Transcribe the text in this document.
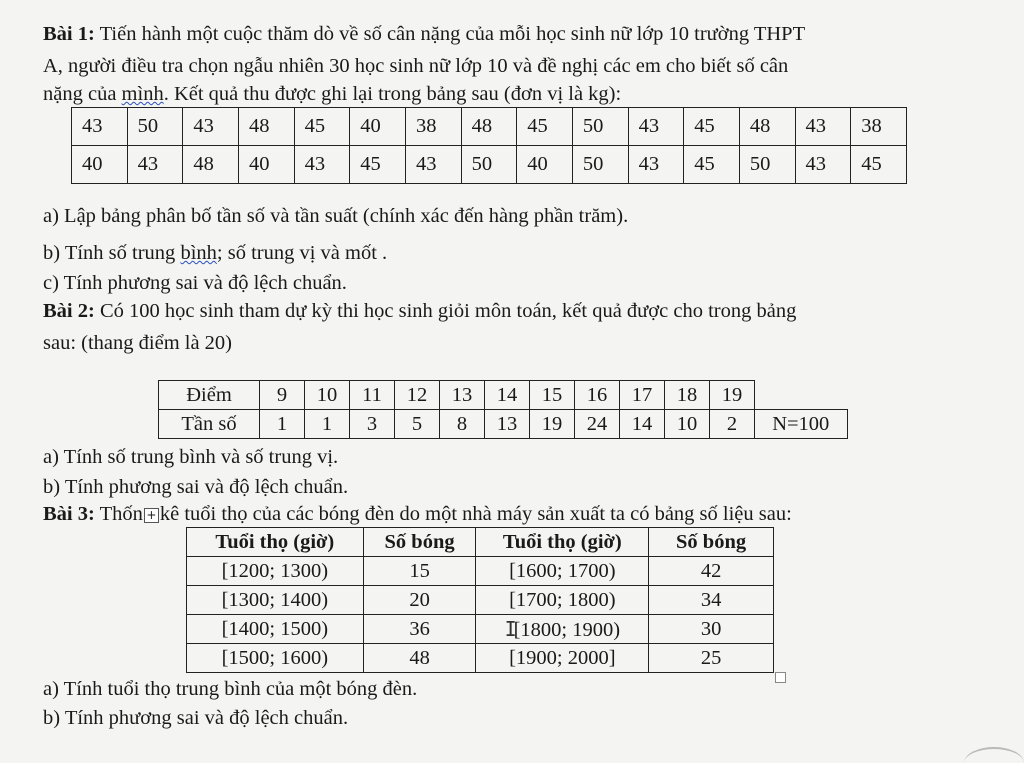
Bài 1: Tiến hành một cuộc thăm dò về số cân nặng của mỗi học sinh nữ lớp 10 trường THPT
A, người điều tra chọn ngẫu nhiên 30 học sinh nữ lớp 10 và đề nghị các em cho biết số cân
nặng của mình. Kết quả thu được ghi lại trong bảng sau (đơn vị là kg):
43	50	43	48	45	40	38	48	45	50	43	45	48	43	38
40	43	48	40	43	45	43	50	40	50	43	45	50	43	45
a) Lập bảng phân bố tần số và tần suất (chính xác đến hàng phần trăm).
b) Tính số trung bình; số trung vị và mốt .
c) Tính phương sai và độ lệch chuẩn.
Bài 2: Có 100 học sinh tham dự kỳ thi học sinh giỏi môn toán, kết quả được cho trong bảng
sau: (thang điểm là 20)
Điểm	9	10	11	12	13	14	15	16	17	18	19	
Tần số	1	1	3	5	8	13	19	24	14	10	2	N=100
a) Tính số trung bình và số trung vị.
b) Tính phương sai và độ lệch chuẩn.
Bài 3: Thốn + kê tuổi thọ của các bóng đèn do một nhà máy sản xuất ta có bảng số liệu sau:
Tuổi thọ (giờ)	Số bóng	Tuổi thọ (giờ)	Số bóng
[1200; 1300)	15	[1600; 1700)	42
[1300; 1400)	20	[1700; 1800)	34
[1400; 1500)	36	I[1800; 1900)	30
[1500; 1600)	48	[1900; 2000]	25
a) Tính tuổi thọ trung bình của một bóng đèn.
b) Tính phương sai và độ lệch chuẩn.
